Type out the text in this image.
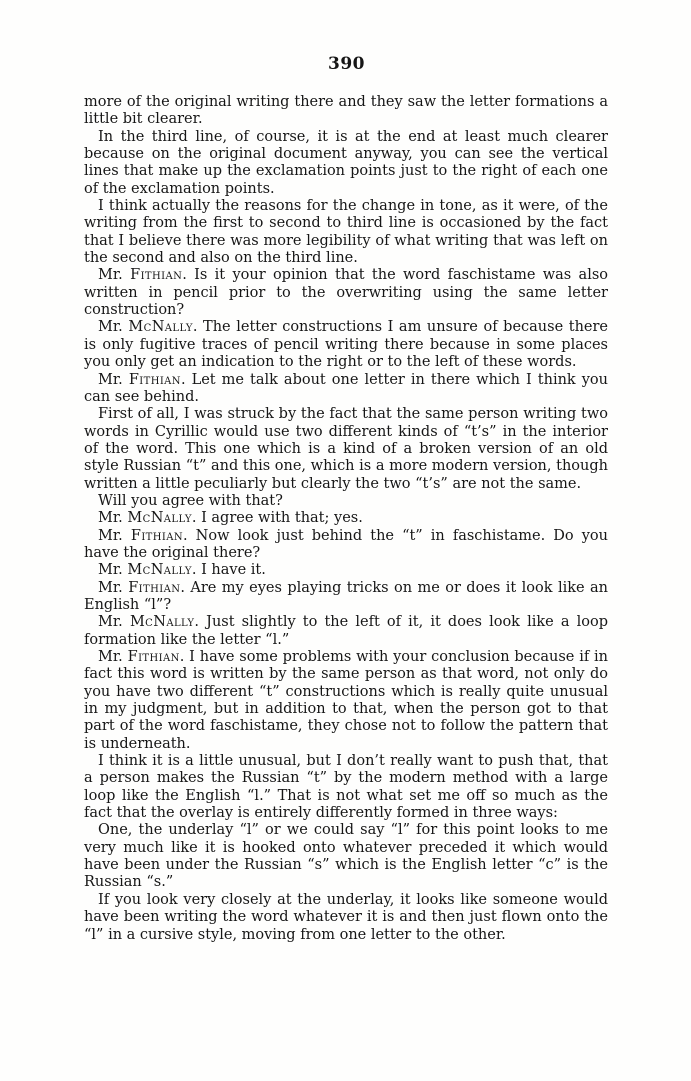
390

more of the original writing there and they saw the letter formations a little bit clearer.

In the third line, of course, it is at the end at least much clearer because on the original document anyway, you can see the vertical lines that make up the exclamation points just to the right of each one of the exclamation points.

I think actually the reasons for the change in tone, as it were, of the writing from the first to second to third line is occasioned by the fact that I believe there was more legibility of what writing that was left on the second and also on the third line.

Mr. Fithian. Is it your opinion that the word faschistame was also written in pencil prior to the overwriting using the same letter construction?

Mr. McNally. The letter constructions I am unsure of because there is only fugitive traces of pencil writing there because in some places you only get an indication to the right or to the left of these words.

Mr. Fithian. Let me talk about one letter in there which I think you can see behind.

First of all, I was struck by the fact that the same person writing two words in Cyrillic would use two different kinds of “t’s” in the interior of the word. This one which is a kind of a broken version of an old style Russian “t” and this one, which is a more modern version, though written a little peculiarly but clearly the two “t’s” are not the same.

Will you agree with that?

Mr. McNally. I agree with that; yes.

Mr. Fithian. Now look just behind the “t” in faschistame. Do you have the original there?

Mr. McNally. I have it.

Mr. Fithian. Are my eyes playing tricks on me or does it look like an English “l”?

Mr. McNally. Just slightly to the left of it, it does look like a loop formation like the letter “l.”

Mr. Fithian. I have some problems with your conclusion because if in fact this word is written by the same person as that word, not only do you have two different “t” constructions which is really quite unusual in my judgment, but in addition to that, when the person got to that part of the word faschistame, they chose not to follow the pattern that is underneath.

I think it is a little unusual, but I don’t really want to push that, that a person makes the Russian “t” by the modern method with a large loop like the English “l.” That is not what set me off so much as the fact that the overlay is entirely differently formed in three ways:

One, the underlay “l” or we could say “l” for this point looks to me very much like it is hooked onto whatever preceded it which would have been under the Russian “s” which is the English letter “c” is the Russian “s.”

If you look very closely at the underlay, it looks like someone would have been writing the word whatever it is and then just flown onto the “l” in a cursive style, moving from one letter to the other.
